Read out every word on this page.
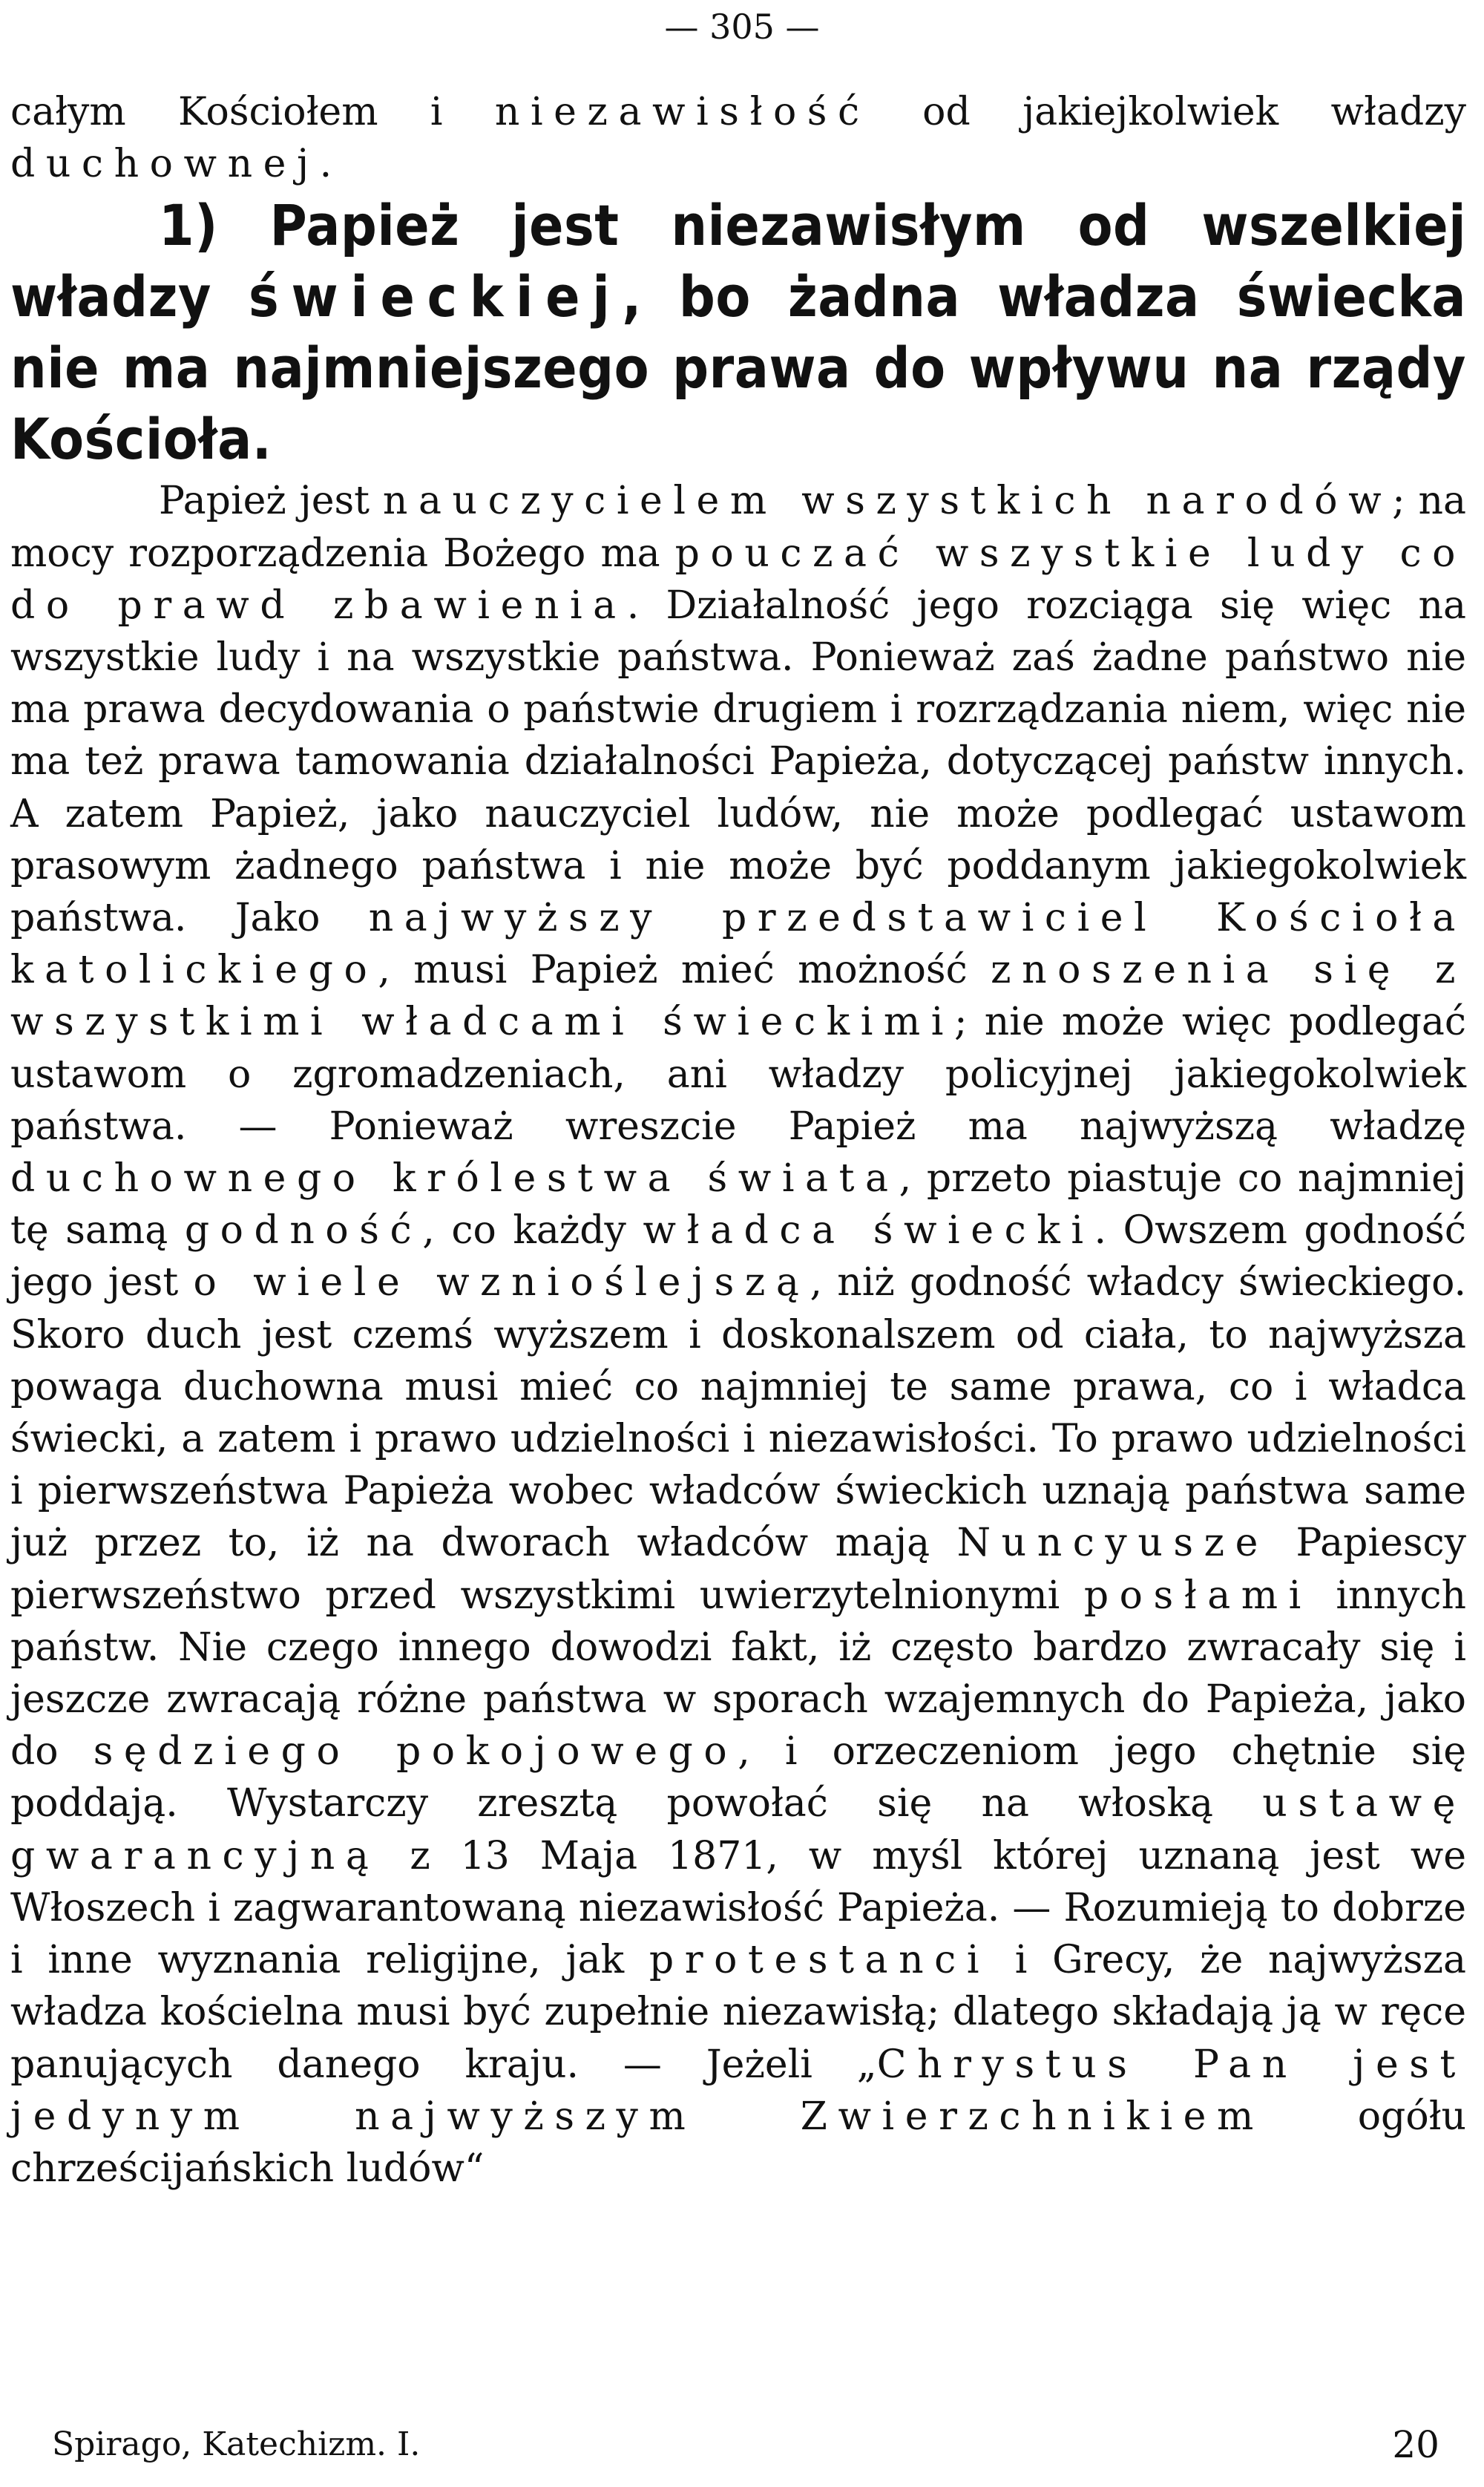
— 305 —

całym Kościołem i niezawisłość od jakiejkolwiek władzy duchownej.

1) Papież jest niezawisłym od wszelkiej władzy świeckiej, bo żadna władza świecka nie ma najmniejszego prawa do wpływu na rządy Kościoła.

Papież jest nauczycielem wszystkich narodów; na mocy rozporządzenia Bożego ma pouczać wszystkie ludy co do prawd zbawienia. Działalność jego rozciąga się więc na wszystkie ludy i na wszystkie państwa. Ponieważ zaś żadne państwo nie ma prawa decydowania o państwie drugiem i rozrządzania niem, więc nie ma też prawa tamowania działalności Papieża, dotyczącej państw innych. A zatem Papież, jako nauczyciel ludów, nie może podlegać ustawom prasowym żadnego państwa i nie może być poddanym jakiegokolwiek państwa. Jako najwyższy przedstawiciel Kościoła katolickiego, musi Papież mieć możność znoszenia się z wszystkimi władcami świeckimi; nie może więc podlegać ustawom o zgromadzeniach, ani władzy policyjnej jakiegokolwiek państwa. — Ponieważ wreszcie Papież ma najwyższą władzę duchownego królestwa świata, przeto piastuje co najmniej tę samą godność, co każdy władca świecki. Owszem godność jego jest o wiele wznioślejszą, niż godność władcy świeckiego. Skoro duch jest czemś wyższem i doskonalszem od ciała, to najwyższa powaga duchowna musi mieć co najmniej te same prawa, co i władca świecki, a zatem i prawo udzielności i niezawisłości. To prawo udzielności i pierwszeństwa Papieża wobec władców świeckich uznają państwa same już przez to, iż na dworach władców mają Nuncyusze Papiescy pierwszeństwo przed wszystkimi uwierzytelnionymi posłami innych państw. Nie czego innego dowodzi fakt, iż często bardzo zwracały się i jeszcze zwracają różne państwa w sporach wzajemnych do Papieża, jako do sędziego pokojowego, i orzeczeniom jego chętnie się poddają. Wystarczy zresztą powołać się na włoską ustawę gwarancyjną z 13 Maja 1871, w myśl której uznaną jest we Włoszech i zagwarantowaną niezawisłość Papieża. — Rozumieją to dobrze i inne wyznania religijne, jak protestanci i Grecy, że najwyższa władza kościelna musi być zupełnie niezawisłą; dlatego składają ją w ręce panujących danego kraju. — Jeżeli „Chrystus Pan jest jedynym najwyższym Zwierzchnikiem ogółu chrześcijańskich ludów“

Spirago, Katechizm. I.	20
